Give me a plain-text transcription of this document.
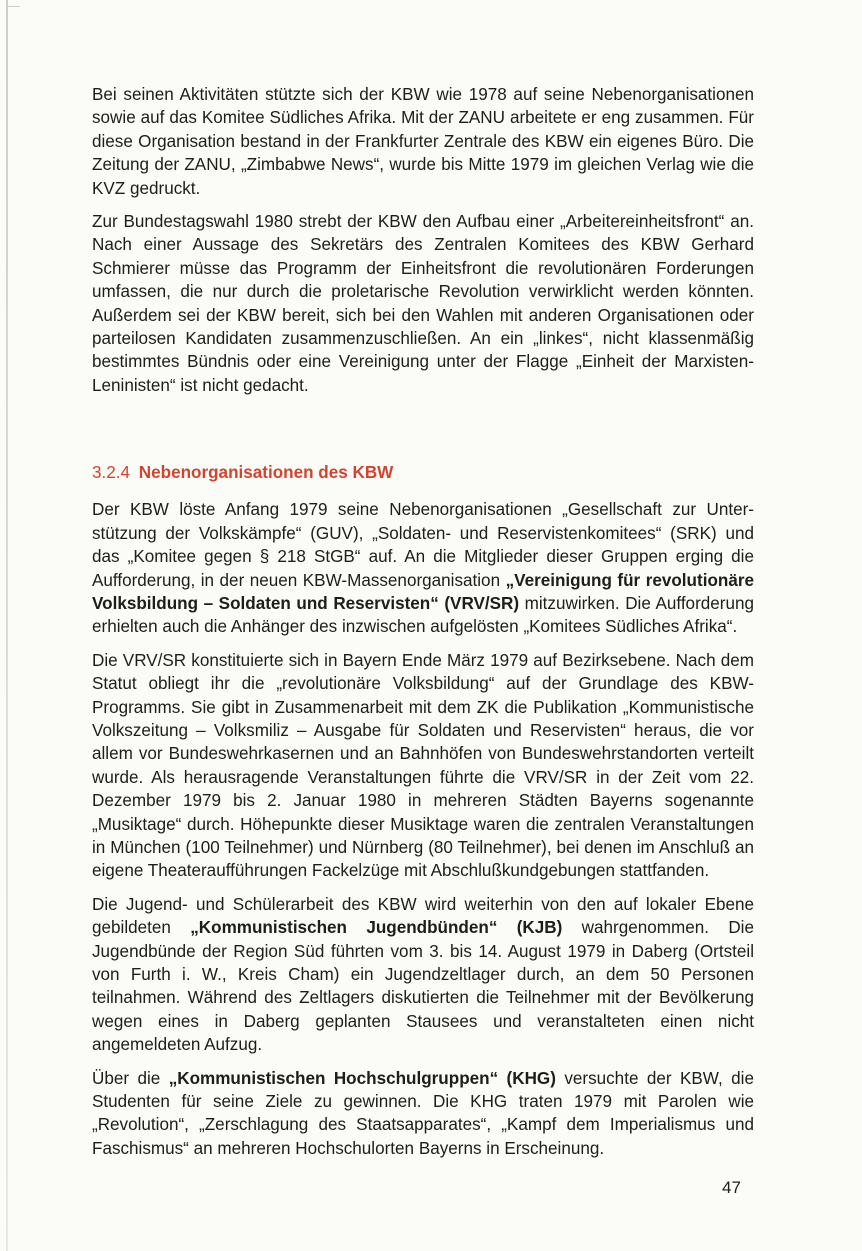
Bei seinen Aktivitäten stützte sich der KBW wie 1978 auf seine Nebenorganisationen sowie auf das Komitee Südliches Afrika. Mit der ZANU arbeitete er eng zusammen. Für diese Organisation bestand in der Frankfurter Zentrale des KBW ein eigenes Büro. Die Zeitung der ZANU, „Zimbabwe News“, wurde bis Mitte 1979 im gleichen Verlag wie die KVZ gedruckt.

Zur Bundestagswahl 1980 strebt der KBW den Aufbau einer „Arbeitereinheitsfront“ an. Nach einer Aussage des Sekretärs des Zentralen Komitees des KBW Gerhard Schmierer müsse das Programm der Einheitsfront die revolutionären Forderungen umfassen, die nur durch die proletarische Revolution verwirklicht werden könnten. Außerdem sei der KBW bereit, sich bei den Wahlen mit anderen Organisationen oder parteilosen Kandidaten zusammenzuschließen. An ein „linkes“, nicht klassenmäßig bestimmtes Bündnis oder eine Vereinigung unter der Flagge „Einheit der Marxisten-Leninisten“ ist nicht gedacht.

3.2.4 Nebenorganisationen des KBW

Der KBW löste Anfang 1979 seine Nebenorganisationen „Gesellschaft zur Unterstützung der Volkskämpfe“ (GUV), „Soldaten- und Reservistenkomitees“ (SRK) und das „Komitee gegen § 218 StGB“ auf. An die Mitglieder dieser Gruppen erging die Aufforderung, in der neuen KBW-Massenorganisation „Vereinigung für revolutionäre Volksbildung – Soldaten und Reservisten“ (VRV/SR) mitzuwirken. Die Aufforderung erhielten auch die Anhänger des inzwischen aufgelösten „Komitees Südliches Afrika“.

Die VRV/SR konstituierte sich in Bayern Ende März 1979 auf Bezirksebene. Nach dem Statut obliegt ihr die „revolutionäre Volksbildung“ auf der Grundlage des KBW-Programms. Sie gibt in Zusammenarbeit mit dem ZK die Publikation „Kommunistische Volkszeitung – Volksmiliz – Ausgabe für Soldaten und Reservisten“ heraus, die vor allem vor Bundeswehrkasernen und an Bahnhöfen von Bundeswehrstandorten verteilt wurde. Als herausragende Veranstaltungen führte die VRV/SR in der Zeit vom 22. Dezember 1979 bis 2. Januar 1980 in mehreren Städten Bayerns sogenannte „Musiktage“ durch. Höhepunkte dieser Musiktage waren die zentralen Veranstaltungen in München (100 Teilnehmer) und Nürnberg (80 Teilnehmer), bei denen im Anschluß an eigene Theateraufführungen Fackelzüge mit Abschlußkundgebungen stattfanden.

Die Jugend- und Schülerarbeit des KBW wird weiterhin von den auf lokaler Ebene gebildeten „Kommunistischen Jugendbünden“ (KJB) wahrgenommen. Die Jugendbünde der Region Süd führten vom 3. bis 14. August 1979 in Daberg (Ortsteil von Furth i. W., Kreis Cham) ein Jugendzeltlager durch, an dem 50 Personen teilnahmen. Während des Zeltlagers diskutierten die Teilnehmer mit der Bevölkerung wegen eines in Daberg geplanten Stausees und veranstalteten einen nicht angemeldeten Aufzug.

Über die „Kommunistischen Hochschulgruppen“ (KHG) versuchte der KBW, die Studenten für seine Ziele zu gewinnen. Die KHG traten 1979 mit Parolen wie „Revolution“, „Zerschlagung des Staatsapparates“, „Kampf dem Imperialismus und Faschismus“ an mehreren Hochschulorten Bayerns in Erscheinung.

47
